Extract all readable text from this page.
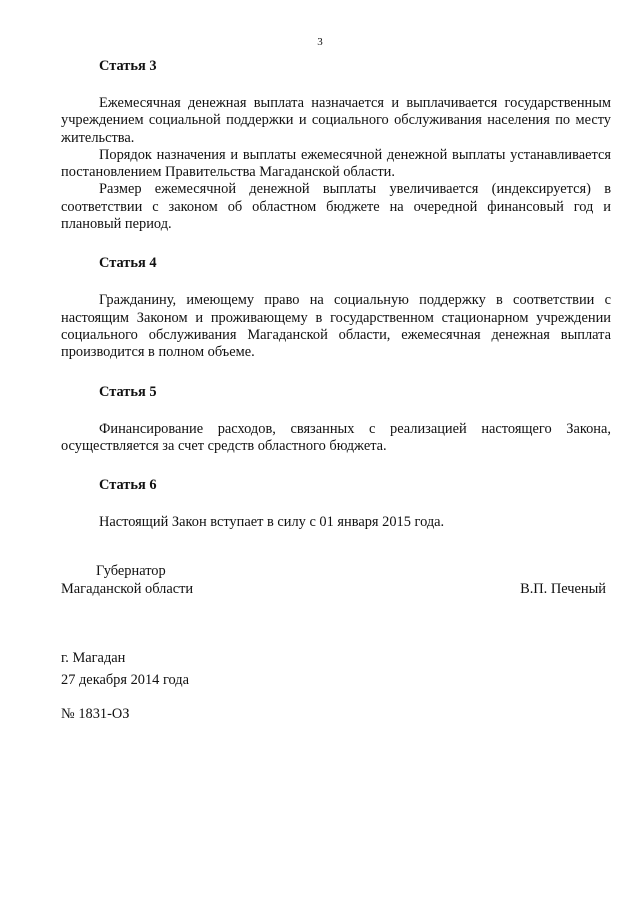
3
Статья 3

Ежемесячная денежная выплата назначается и выплачивается государственным учреждением социальной поддержки и социального обслуживания населения по месту жительства.

Порядок назначения и выплаты ежемесячной денежной выплаты устанавливается постановлением Правительства Магаданской области.

Размер ежемесячной денежной выплаты увеличивается (индексируется) в соответствии с законом об областном бюджете на очередной финансовый год и плановый период.

Статья 4

Гражданину, имеющему право на социальную поддержку в соответствии с настоящим Законом и проживающему в государственном стационарном учреждении социального обслуживания Магаданской области, ежемесячная денежная выплата производится в полном объеме.

Статья 5

Финансирование расходов, связанных с реализацией настоящего Закона, осуществляется за счет средств областного бюджета.

Статья 6

Настоящий Закон вступает в силу с 01 января 2015 года.

Губернатор
Магаданской области	В.П. Печеный
г. Магадан
27 декабря 2014 года
№ 1831-ОЗ
